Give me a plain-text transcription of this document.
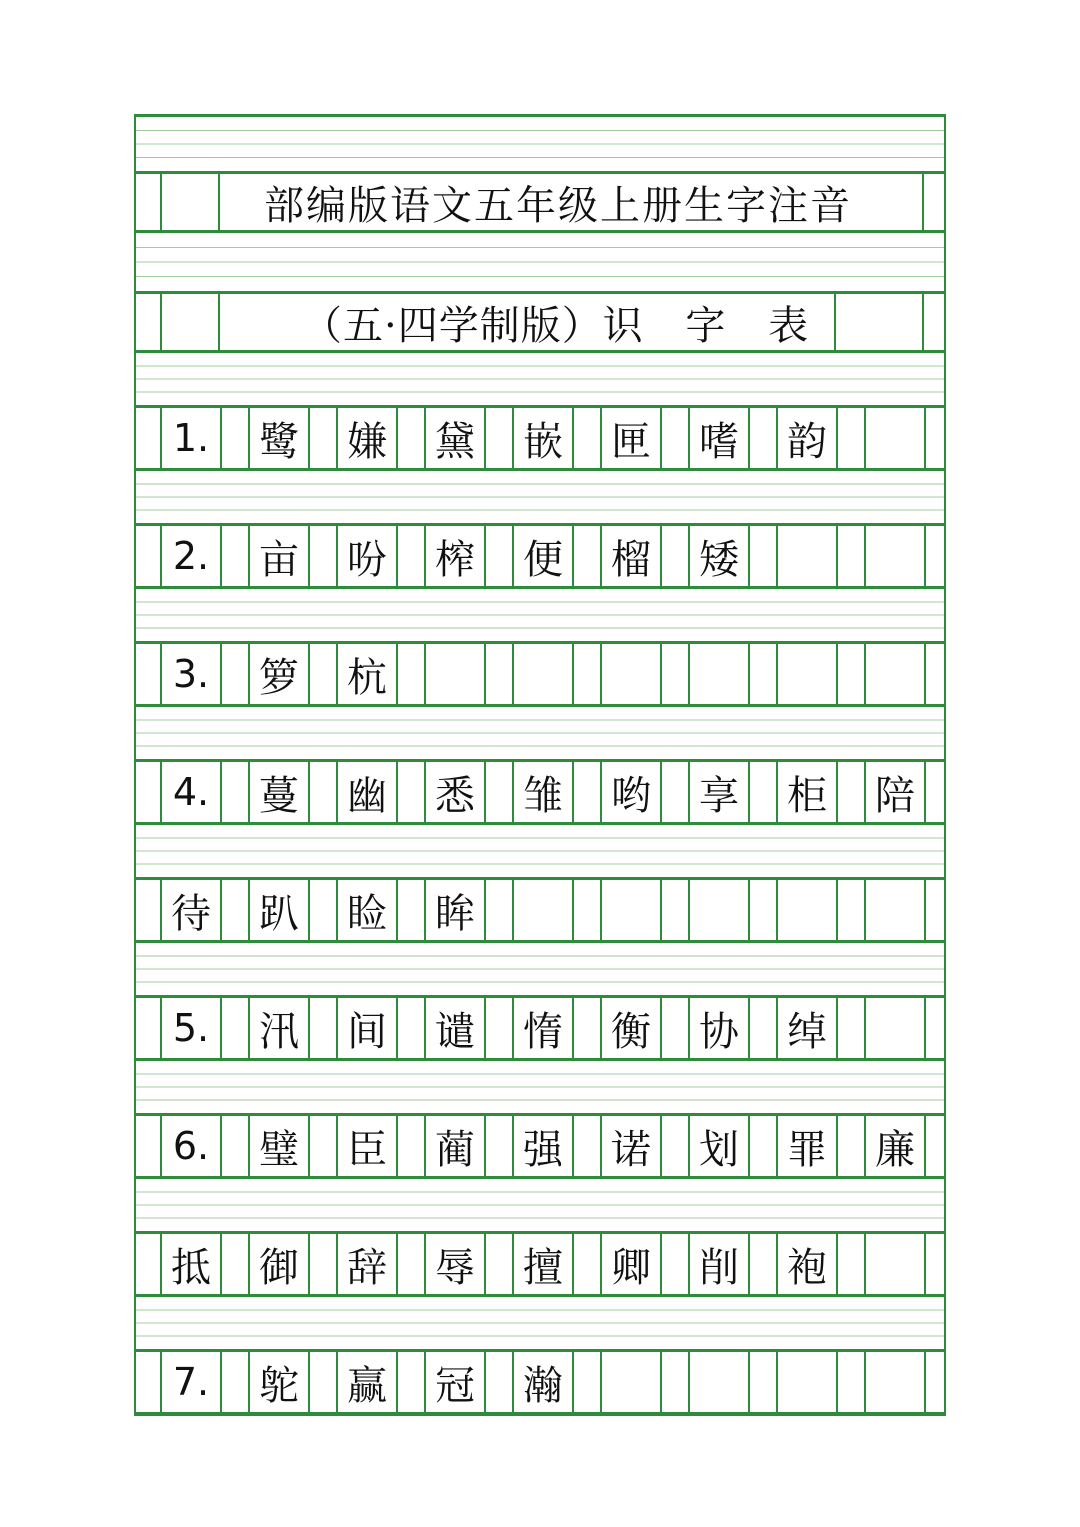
部编版语文五年级上册生字注音
（五·四学制版）识 字 表
1.	鹭 嫌 黛 嵌 匣 嗜 韵
2.	亩 吩 榨 便 榴 矮
3.	箩 杭
4.	蔓 幽 悉 雏 哟 享 柜 陪
待 趴 睑 眸
5.	汛 间 谴 惰 衡 协 绰
6.	璧 臣 蔺 强 诺 划 罪 廉
抵 御 辞 辱 擅 卿 削 袍
7.	鸵 赢 冠 瀚
